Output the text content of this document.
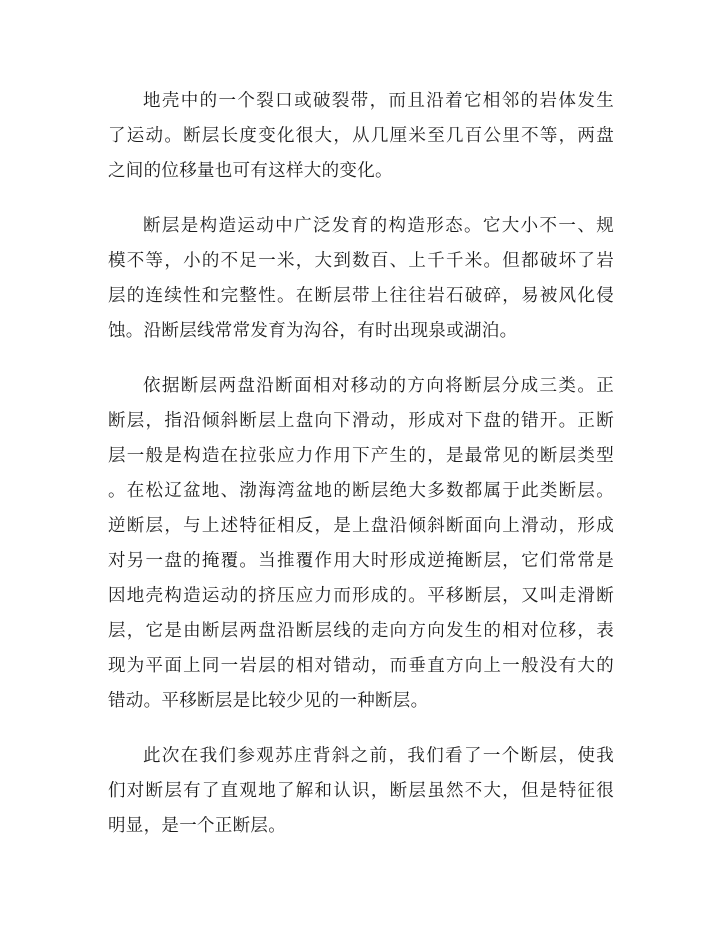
地壳中的一个裂口或破裂带，而且沿着它相邻的岩体发生
了运动。断层长度变化很大，从几厘米至几百公里不等，两盘
之间的位移量也可有这样大的变化。

断层是构造运动中广泛发育的构造形态。它大小不一、规
模不等，小的不足一米，大到数百、上千千米。但都破坏了岩
层的连续性和完整性。在断层带上往往岩石破碎，易被风化侵
蚀。沿断层线常常发育为沟谷，有时出现泉或湖泊。

依据断层两盘沿断面相对移动的方向将断层分成三类。正
断层，指沿倾斜断层上盘向下滑动，形成对下盘的错开。正断
层一般是构造在拉张应力作用下产生的，是最常见的断层类型
。在松辽盆地、渤海湾盆地的断层绝大多数都属于此类断层。
逆断层，与上述特征相反，是上盘沿倾斜断面向上滑动，形成
对另一盘的掩覆。当推覆作用大时形成逆掩断层，它们常常是
因地壳构造运动的挤压应力而形成的。平移断层，又叫走滑断
层，它是由断层两盘沿断层线的走向方向发生的相对位移，表
现为平面上同一岩层的相对错动，而垂直方向上一般没有大的
错动。平移断层是比较少见的一种断层。

此次在我们参观苏庄背斜之前，我们看了一个断层，使我
们对断层有了直观地了解和认识，断层虽然不大，但是特征很
明显，是一个正断层。
